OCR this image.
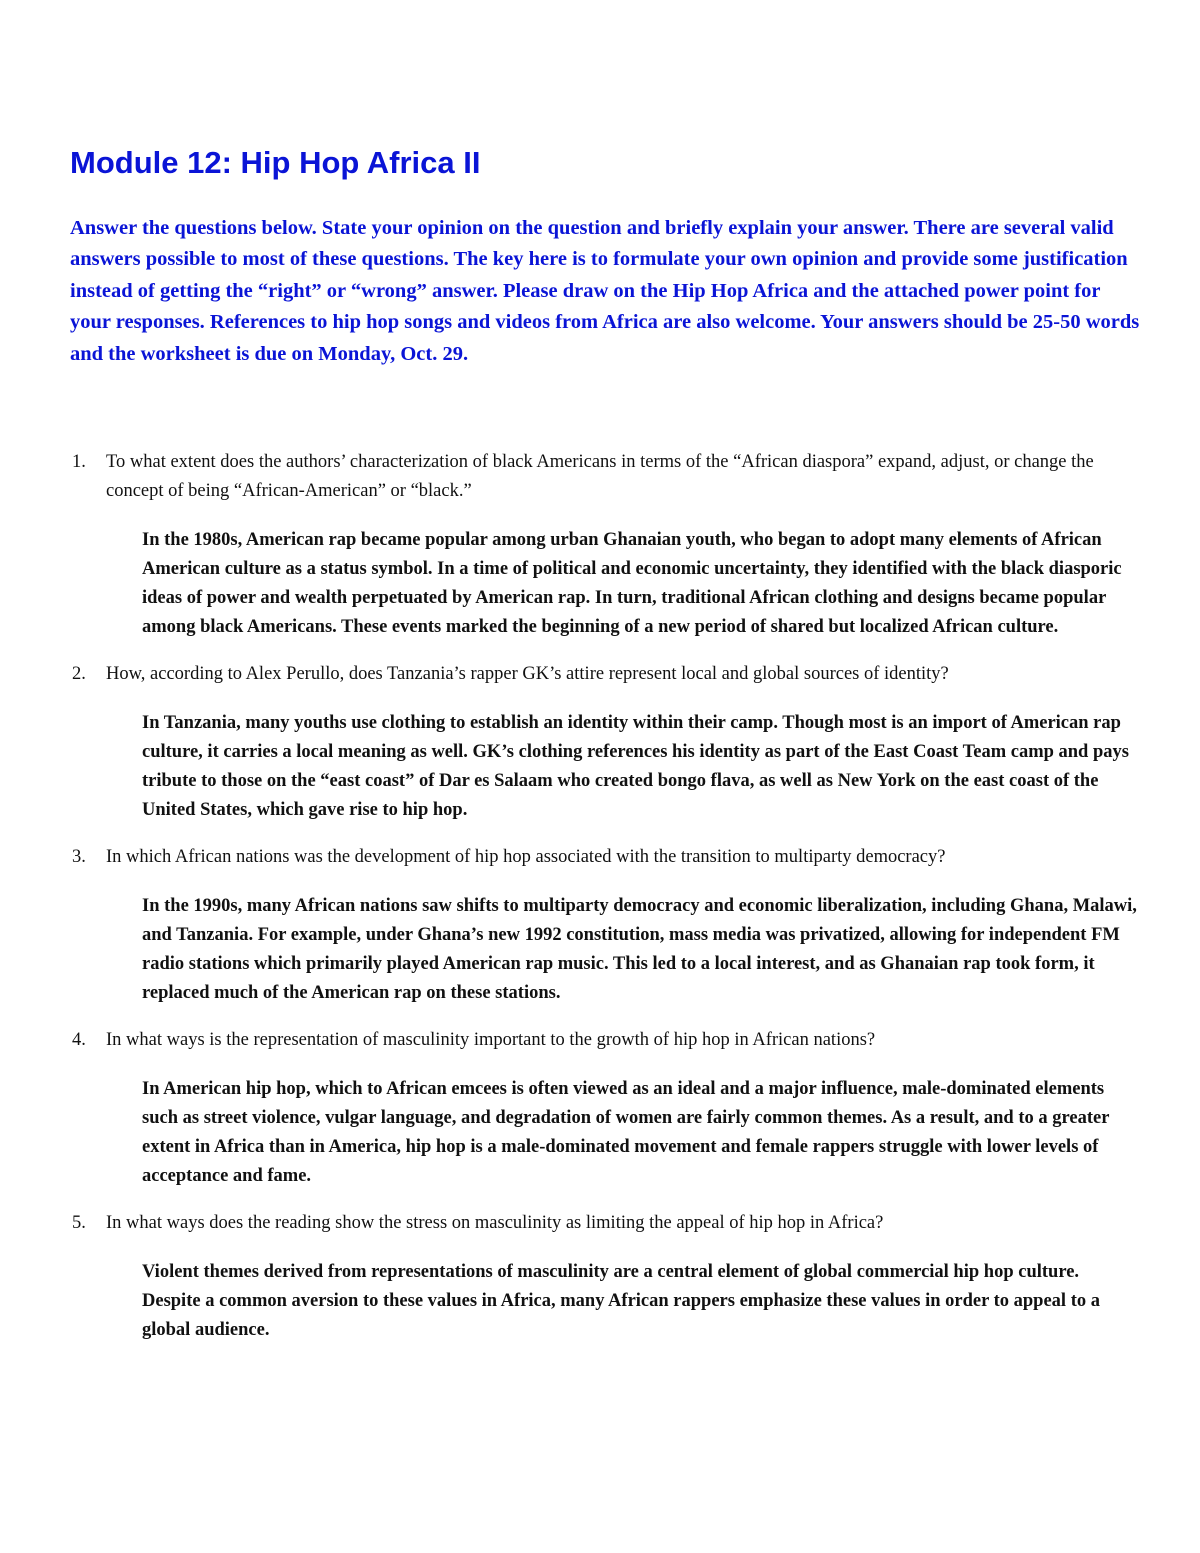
Module 12: Hip Hop Africa II

Answer the questions below. State your opinion on the question and briefly explain your answer. There are several valid answers possible to most of these questions. The key here is to formulate your own opinion and provide some justification instead of getting the “right” or “wrong” answer. Please draw on the Hip Hop Africa and the attached power point for your responses. References to hip hop songs and videos from Africa are also welcome. Your answers should be 25-50 words and the worksheet is due on Monday, Oct. 29.

1.	To what extent does the authors’ characterization of black Americans in terms of the “African diaspora” expand, adjust, or change the concept of being “African-American” or “black.”
In the 1980s, American rap became popular among urban Ghanaian youth, who began to adopt many elements of African American culture as a status symbol. In a time of political and economic uncertainty, they identified with the black diasporic ideas of power and wealth perpetuated by American rap. In turn, traditional African clothing and designs became popular among black Americans. These events marked the beginning of a new period of shared but localized African culture.
2.	How, according to Alex Perullo, does Tanzania’s rapper GK’s attire represent local and global sources of identity?
In Tanzania, many youths use clothing to establish an identity within their camp. Though most is an import of American rap culture, it carries a local meaning as well. GK’s clothing references his identity as part of the East Coast Team camp and pays tribute to those on the “east coast” of Dar es Salaam who created bongo flava, as well as New York on the east coast of the United States, which gave rise to hip hop.
3.	In which African nations was the development of hip hop associated with the transition to multiparty democracy?
In the 1990s, many African nations saw shifts to multiparty democracy and economic liberalization, including Ghana, Malawi, and Tanzania. For example, under Ghana’s new 1992 constitution, mass media was privatized, allowing for independent FM radio stations which primarily played American rap music. This led to a local interest, and as Ghanaian rap took form, it replaced much of the American rap on these stations.
4.	In what ways is the representation of masculinity important to the growth of hip hop in African nations?
In American hip hop, which to African emcees is often viewed as an ideal and a major influence, male-dominated elements such as street violence, vulgar language, and degradation of women are fairly common themes. As a result, and to a greater extent in Africa than in America, hip hop is a male-dominated movement and female rappers struggle with lower levels of acceptance and fame.
5.	In what ways does the reading show the stress on masculinity as limiting the appeal of hip hop in Africa?
Violent themes derived from representations of masculinity are a central element of global commercial hip hop culture. Despite a common aversion to these values in Africa, many African rappers emphasize these values in order to appeal to a global audience.
